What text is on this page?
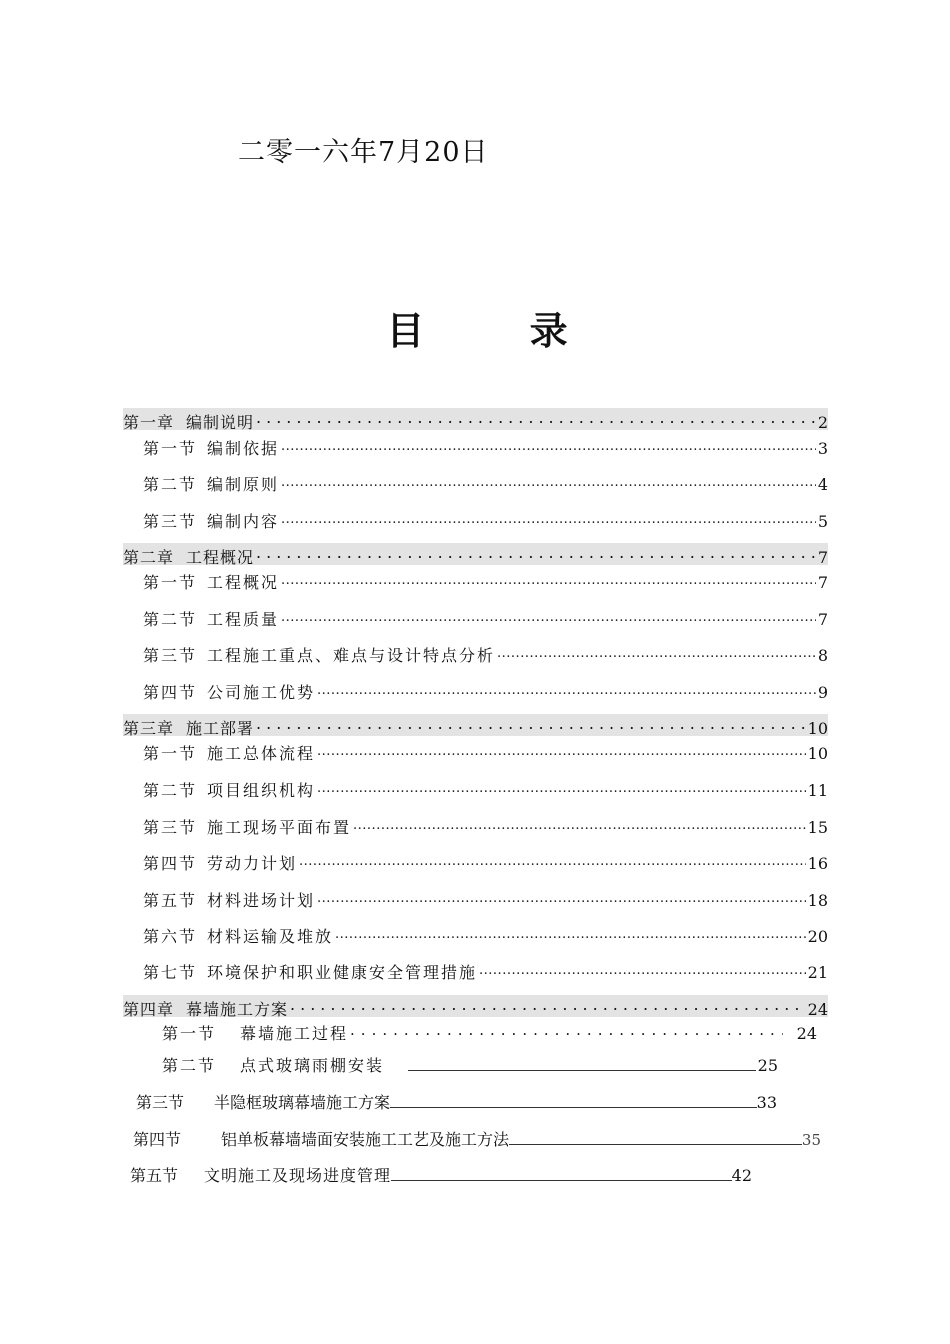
二零一六年7月20日
目 录
第一章 编制说明 .....	2
第一节 编制依据 .....	3
第二节 编制原则 .....	4
第三节 编制内容 .....	5
第二章 工程概况 .....	7
第一节 工程概况 .....	7
第二节 工程质量 .....	7
第三节 工程施工重点、难点与设计特点分析 .....	8
第四节 公司施工优势 .....	9
第三章 施工部署 .....	10
第一节 施工总体流程 .....	10
第二节 项目组织机构 .....	11
第三节 施工现场平面布置 .....	15
第四节 劳动力计划 .....	16
第五节 材料进场计划 .....	18
第六节 材料运输及堆放 .....	20
第七节 环境保护和职业健康安全管理措施 .....	21
第四章 幕墙施工方案 .....	24
第一节 幕墙施工过程 .....	24
第二节 点式玻璃雨棚安装	25
第三节 半隐框玻璃幕墙施工方案	33
第四节	铝单板幕墙墙面安装施工工艺及施工方法	35
第五节 文明施工及现场进度管理	42
